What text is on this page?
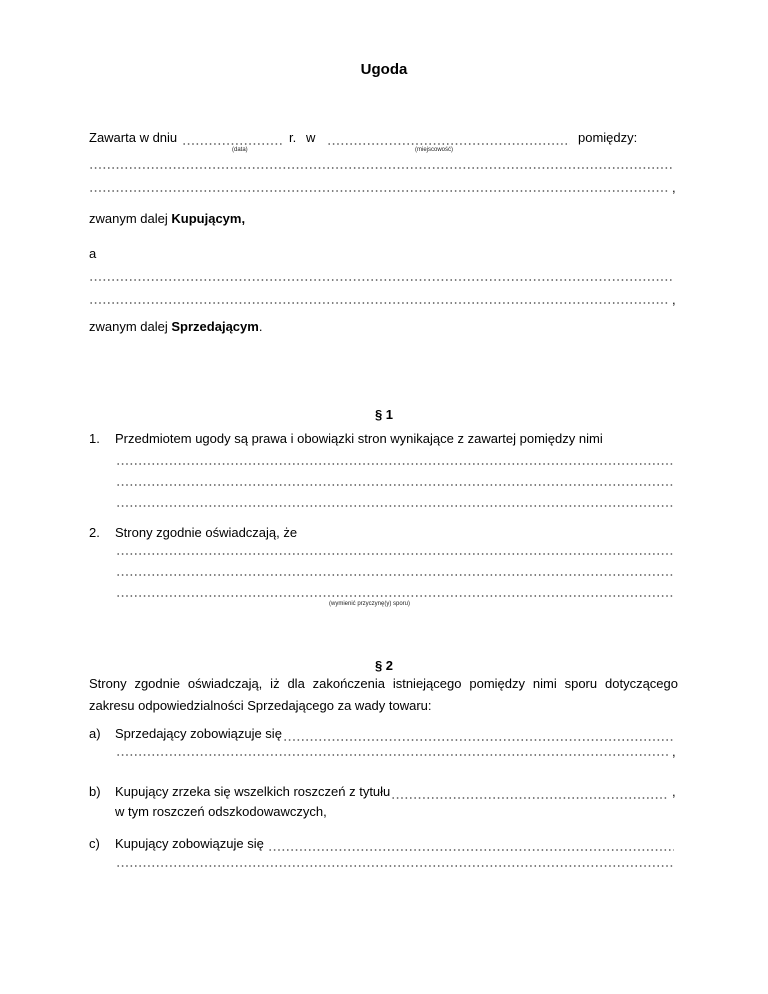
Ugoda
Zawarta w dniu	r. w	pomiędzy:
(data)	(miejscowość)
,
zwanym dalej Kupującym,
a
,
zwanym dalej Sprzedającym.
§ 1
1. Przedmiotem ugody są prawa i obowiązki stron wynikające z zawartej pomiędzy nimi
2. Strony zgodnie oświadczają, że
(wymienić przyczynę(y) sporu)
§ 2
Strony zgodnie oświadczają, iż dla zakończenia istniejącego pomiędzy nimi sporu dotyczącego
zakresu odpowiedzialności Sprzedającego za wady towaru:
a) Sprzedający zobowiązuje się
,
b) Kupujący zrzeka się wszelkich roszczeń z tytułu	,
w tym roszczeń odszkodowawczych,
c) Kupujący zobowiązuje się
